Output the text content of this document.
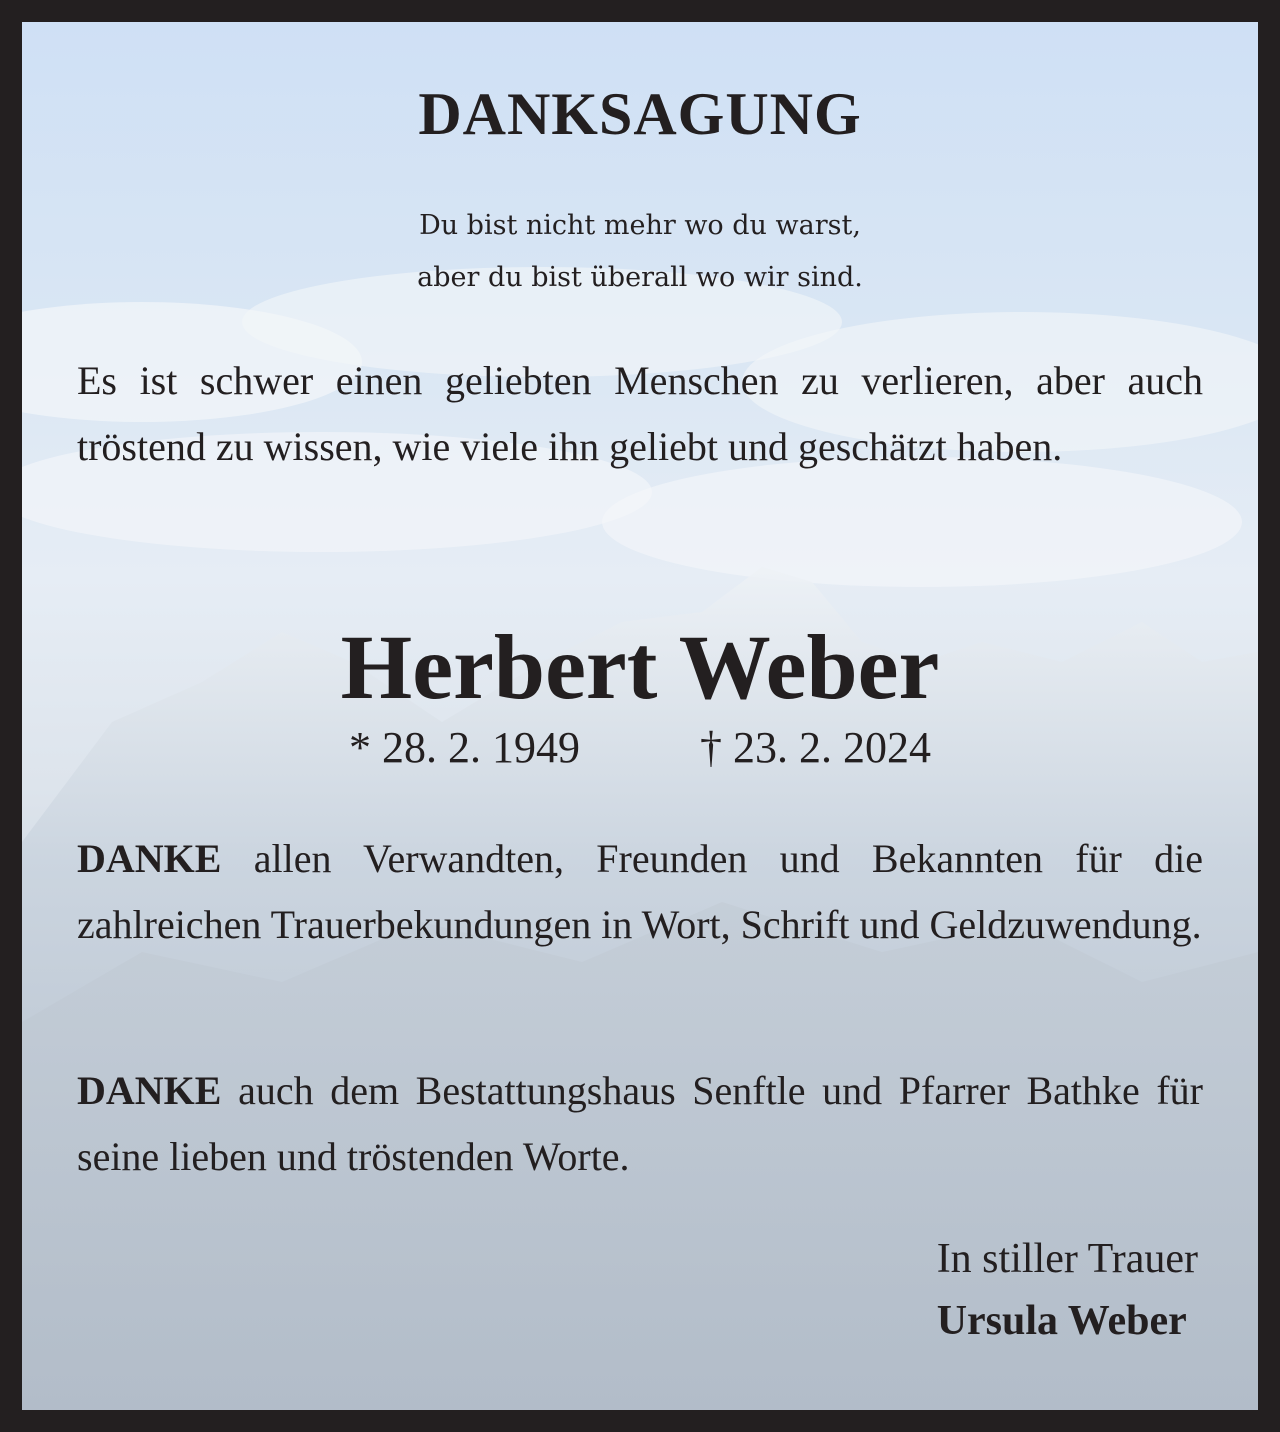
DANKSAGUNG
Du bist nicht mehr wo du warst,
aber du bist überall wo wir sind.

Es ist schwer einen geliebten Menschen zu verlieren, aber auch tröstend zu wissen, wie viele ihn geliebt und geschätzt haben.

Herbert Weber
* 28. 2. 1949	† 23. 2. 2024

DANKE allen Verwandten, Freunden und Bekannten für die zahlreichen Trauerbekundungen in Wort, Schrift und Geldzuwendung.

DANKE auch dem Bestattungshaus Senftle und Pfarrer Bathke für seine lieben und tröstenden Worte.

In stiller Trauer
Ursula Weber
